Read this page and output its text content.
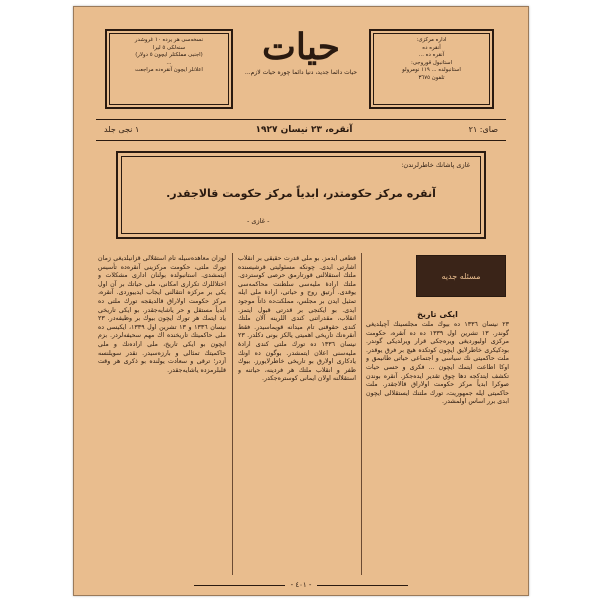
اداره مركزى:
آنقره ده
آنقره ده ...
استانبول قوروجى:
استانبولده ... ١١٩ نومرولو
تلفون ٣٦٧٥
حيات
حيات دائما جديد، دنيا دائما چوره حيات لازم...
نسخه‌سی هر يرده ١٠ غروشدر
سنه‌لكى ٥ ليرا
(اجنبى مملكتلر ايچون ٥ دولار)
...
اعلانلر ايچون آنقره‌ده مراجعت
صاى: ٢١
آنقره، ٢٣ نيسان ١٩٢٧
١ نجى جلد
غازى پاشانك خاطرلرندن:
آنقره مركز حكومتدر، ابدياً مركز حكومت قالاجقدر.
- غازى -
مسئله جديه

ايكى تاريخ

٢٣ نيسان ١٣٣٦ ده بيوك ملت مجلسينك آچيلديغى گوندر. ١٣ تشرين اول ١٣٣٩ ده ده آنقره، حكومت مركزى اوليورديغى ويره‌جكى قرار ويرلديكى گوندر. بودكيكرى خاطرلايق ايچون كوتكده هيچ بر فرق يوقدر. ملت حاكميتى نك سياسى و اجتماعى حياتى طانيمق و اوكا اطاعت ايتمك ايچون ... فكرى و حسى حيات تكشف ايتدكجه دها چوق تقدير ايده‌جكز. آنقره بوندن صوكرا ابدياً مركز حكومت اولاراق قالاجقدر. ملت حاكميتى ايله جمهوريت، تورك ملتنك ايستقلالى ايچون ابدى برر اساس اولمشدر.

قطعى ايدمز. بو ملى قدرت حقيقى بر انقلاب اشارتى ايدى. چونكه مسئوليتى قرشيسنده ملتك استقلالنى قورتارمق حرصى كوستردى. ملتك ارادهٔ مليه‌سى سلطنت محاكمه‌سى يوقدى. آرتيق روح و حياتى، ارادهٔ ملى ايله تمثيل ايدن بر مجلس، مملكت‌ده ذاتاً موجود ايدى. بو ايكنجى بر قدرتى قبول ايتمز. انقلاب، مقدراتنى كندى اللرينه آلان ملتك كندى حقوقنى تام ميدانه قويماسيدر. فقط آنقره‌نك تاريخى اهميتى يالكز بونى دكلدر. ٢٣ نيسان ١٣٣٦ ده تورك ملتى كندى ارادهٔ مليه‌سنى اعلان ايتمشدر. بوگون ده اونك يادكارى اولارق بو تاريخى خاطرلايورز. بيوك ظفر و انقلاب ملتك هر فردينه، حياتنه و استقلالنه اولان ايمانى كوستره‌جكدر.

لوزان معاهده‌سيله تام استقلالى قزانيلديغى زمان تورك ملتى، حكومت مركزينى آنقره‌ده تأسيس ايتمشدى. استانبولده بولنان ادارى مشكلات و اختلاللرك تكرارى امكانى، ملى حياتك بر آن اول يكى بر مركزه انتقالنى ايجاب ايدييوردى. آنقره، مركز حكومت اولاراق قالديقجه تورك ملتى ده ابدياً مستقل و حر ياشايه‌جقدر. بو ايكى تاريخى ياد ايتمك هر تورك ايچون بيوك بر وظيفه‌در. ٢٣ نيسان ١٣٣٦ و ١٣ تشرين اول ١٣٣٩، ايكيسى ده ملى حاكميتك تاريخنده اك مهم سحيفه‌لردر. بزم ايچون بو ايكى تاريخ، ملى اراده‌نك و ملى حاكميتك تمثالى و بارزه‌سيدر. نقدر سويلنسه آزدر؛ ترقى و سعادت يولنده بو ذكرى هر وقت قلبلرمزده ياشايه‌جقدر.

- ٤٠١ -
